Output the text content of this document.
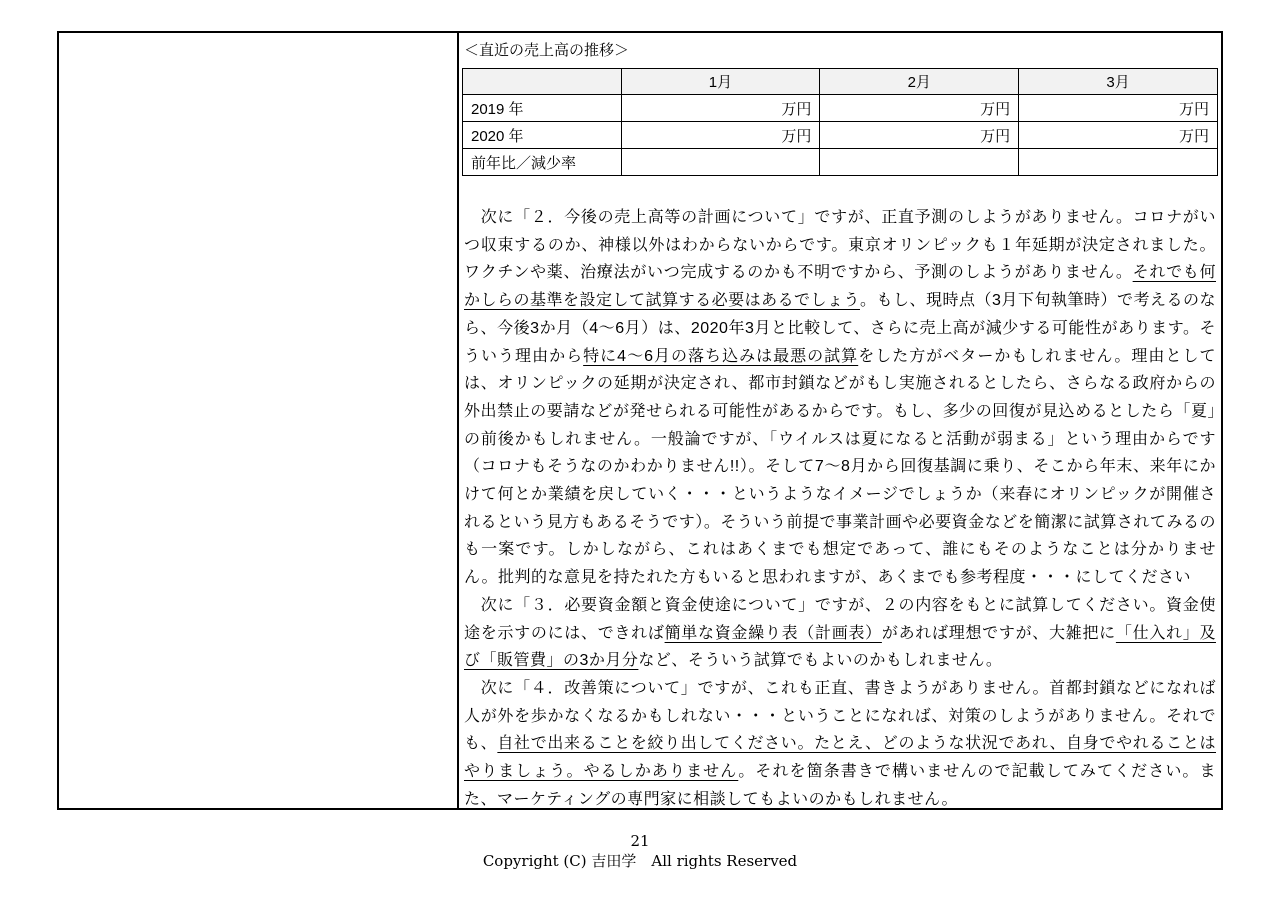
＜直近の売上高の推移＞
	1月	2月	3月
2019 年	万円	万円	万円
2020 年	万円	万円	万円
前年比／減少率			

　次に「２．今後の売上高等の計画について」ですが、正直予測のしようがありません。コロナがいつ収束するのか、神様以外はわからないからです。東京オリンピックも１年延期が決定されました。ワクチンや薬、治療法がいつ完成するのかも不明ですから、予測のしようがありません。それでも何かしらの基準を設定して試算する必要はあるでしょう。もし、現時点（3月下旬執筆時）で考えるのなら、今後3か月（4～6月）は、2020年3月と比較して、さらに売上高が減少する可能性があります。そういう理由から特に4～6月の落ち込みは最悪の試算をした方がベターかもしれません。理由としては、オリンピックの延期が決定され、都市封鎖などがもし実施されるとしたら、さらなる政府からの外出禁止の要請などが発せられる可能性があるからです。もし、多少の回復が見込めるとしたら「夏」の前後かもしれません。一般論ですが、「ウイルスは夏になると活動が弱まる」という理由からです（コロナもそうなのかわかりません!!）。そして7～8月から回復基調に乗り、そこから年末、来年にかけて何とか業績を戻していく・・・というようなイメージでしょうか（来春にオリンピックが開催されるという見方もあるそうです）。そういう前提で事業計画や必要資金などを簡潔に試算されてみるのも一案です。しかしながら、これはあくまでも想定であって、誰にもそのようなことは分かりません。批判的な意見を持たれた方もいると思われますが、あくまでも参考程度・・・にしてください

　次に「３．必要資金額と資金使途について」ですが、２の内容をもとに試算してください。資金使途を示すのには、できれば簡単な資金繰り表（計画表）があれば理想ですが、大雑把に「仕入れ」及び「販管費」の3か月分など、そういう試算でもよいのかもしれません。

　次に「４．改善策について」ですが、これも正直、書きようがありません。首都封鎖などになれば人が外を歩かなくなるかもしれない・・・ということになれば、対策のしようがありません。それでも、自社で出来ることを絞り出してください。たとえ、どのような状況であれ、自身でやれることはやりましょう。やるしかありません。それを箇条書きで構いませんので記載してみてください。また、マーケティングの専門家に相談してもよいのかもしれません。

21
Copyright (C) 吉田学　All rights Reserved
